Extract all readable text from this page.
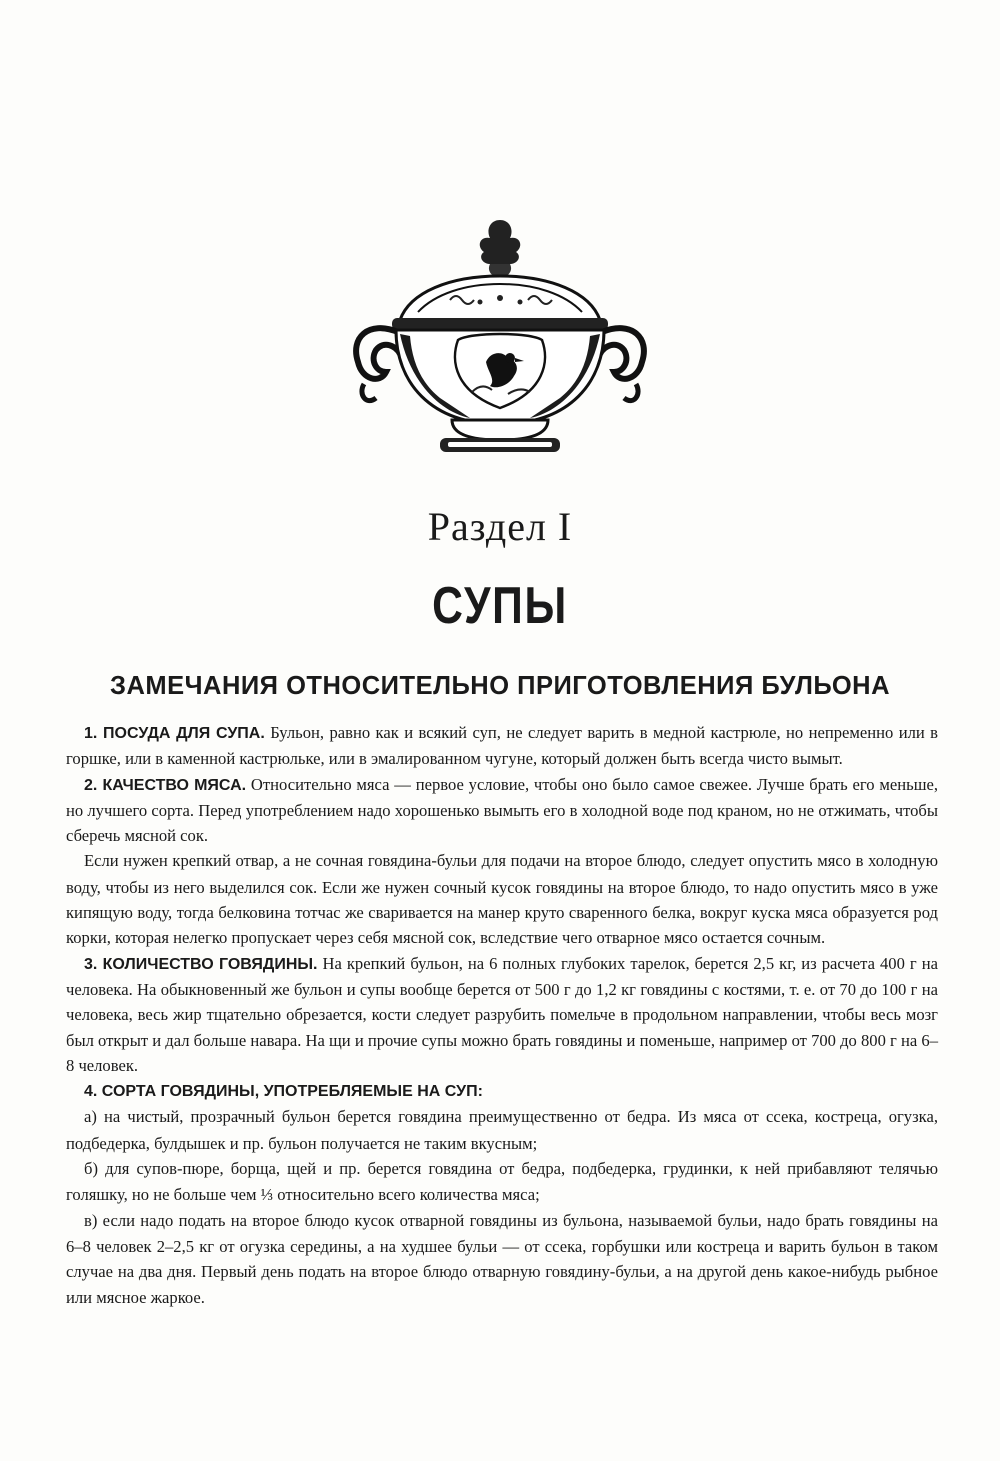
Раздел I
СУПЫ
ЗАМЕЧАНИЯ ОТНОСИТЕЛЬНО ПРИГОТОВЛЕНИЯ БУЛЬОНА

1. ПОСУДА ДЛЯ СУПА. Бульон, равно как и всякий суп, не следует варить в медной кастрюле, но непременно или в горшке, или в каменной кастрюльке, или в эмалированном чугуне, который должен быть всегда чисто вымыт.

2. КАЧЕСТВО МЯСА. Относительно мяса — первое условие, чтобы оно было самое свежее. Лучше брать его меньше, но лучшего сорта. Перед употреблением надо хорошенько вымыть его в холодной воде под краном, но не отжимать, чтобы сберечь мясной сок.

Если нужен крепкий отвар, а не сочная говядина-бульи для подачи на второе блюдо, следует опустить мясо в холодную воду, чтобы из него выделился сок. Если же нужен сочный кусок говядины на второе блюдо, то надо опустить мясо в уже кипящую воду, тогда белковина тотчас же сваривается на манер круто сваренного белка, вокруг куска мяса образуется род корки, которая нелегко пропускает через себя мясной сок, вследствие чего отварное мясо остается сочным.

3. КОЛИЧЕСТВО ГОВЯДИНЫ. На крепкий бульон, на 6 полных глубоких тарелок, берется 2,5 кг, из расчета 400 г на человека. На обыкновенный же бульон и супы вообще берется от 500 г до 1,2 кг говядины с костями, т. е. от 70 до 100 г на человека, весь жир тщательно обрезается, кости следует разрубить помельче в продольном направлении, чтобы весь мозг был открыт и дал больше навара. На щи и прочие супы можно брать говядины и поменьше, например от 700 до 800 г на 6–8 человек.

4. СОРТА ГОВЯДИНЫ, УПОТРЕБЛЯЕМЫЕ НА СУП:

а) на чистый, прозрачный бульон берется говядина преимущественно от бедра. Из мяса от ссека, костреца, огузка, подбедерка, булдышек и пр. бульон получается не таким вкусным;

б) для супов-пюре, борща, щей и пр. берется говядина от бедра, подбедерка, грудинки, к ней прибавляют телячью голяшку, но не больше чем ⅓ относительно всего количества мяса;

в) если надо подать на второе блюдо кусок отварной говядины из бульона, называемой бульи, надо брать говядины на 6–8 человек 2–2,5 кг от огузка середины, а на худшее бульи — от ссека, горбушки или костреца и варить бульон в таком случае на два дня. Первый день подать на второе блюдо отварную говядину-бульи, а на другой день какое-нибудь рыбное или мясное жаркое.
